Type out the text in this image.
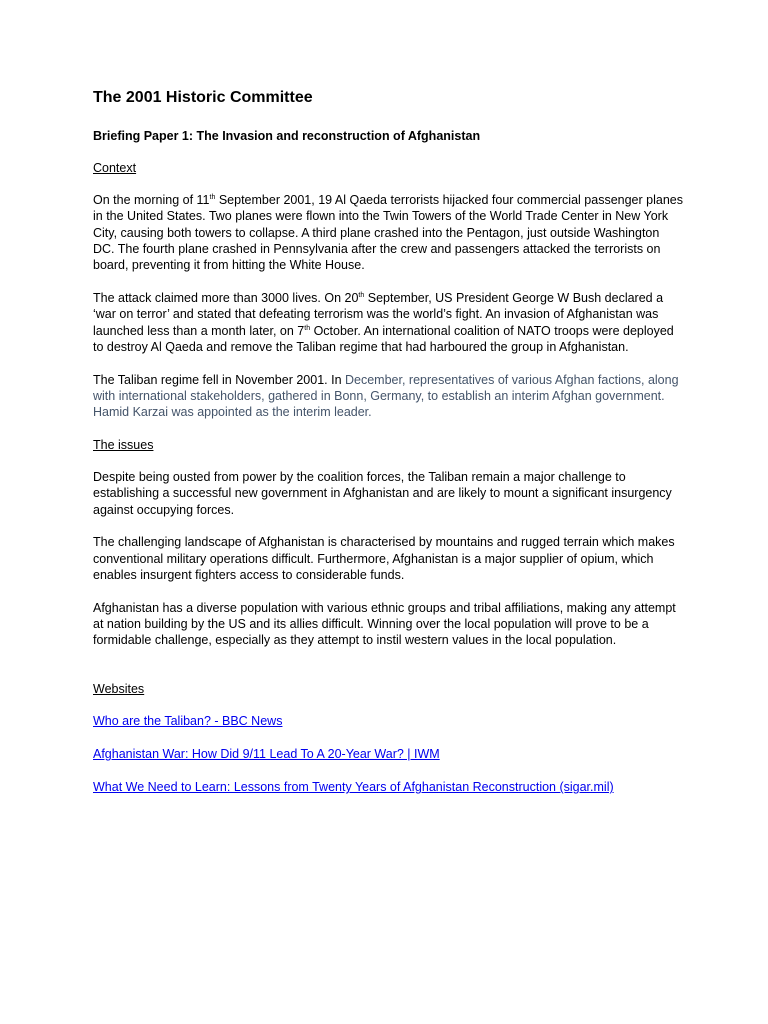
The 2001 Historic Committee
Briefing Paper 1: The Invasion and reconstruction of Afghanistan
Context

On the morning of 11th September 2001, 19 Al Qaeda terrorists hijacked four commercial passenger planes in the United States. Two planes were flown into the Twin Towers of the World Trade Center in New York City, causing both towers to collapse. A third plane crashed into the Pentagon, just outside Washington DC. The fourth plane crashed in Pennsylvania after the crew and passengers attacked the terrorists on board, preventing it from hitting the White House.

The attack claimed more than 3000 lives. On 20th September, US President George W Bush declared a ‘war on terror’ and stated that defeating terrorism was the world’s fight. An invasion of Afghanistan was launched less than a month later, on 7th October. An international coalition of NATO troops were deployed to destroy Al Qaeda and remove the Taliban regime that had harboured the group in Afghanistan.

The Taliban regime fell in November 2001. In December, representatives of various Afghan factions, along with international stakeholders, gathered in Bonn, Germany, to establish an interim Afghan government. Hamid Karzai was appointed as the interim leader.

The issues

Despite being ousted from power by the coalition forces, the Taliban remain a major challenge to establishing a successful new government in Afghanistan and are likely to mount a significant insurgency against occupying forces.

The challenging landscape of Afghanistan is characterised by mountains and rugged terrain which makes conventional military operations difficult. Furthermore, Afghanistan is a major supplier of opium, which enables insurgent fighters access to considerable funds.

Afghanistan has a diverse population with various ethnic groups and tribal affiliations, making any attempt at nation building by the US and its allies difficult. Winning over the local population will prove to be a formidable challenge, especially as they attempt to instil western values in the local population.

Websites
Who are the Taliban? - BBC News
Afghanistan War: How Did 9/11 Lead To A 20-Year War? | IWM
What We Need to Learn: Lessons from Twenty Years of Afghanistan Reconstruction (sigar.mil)
